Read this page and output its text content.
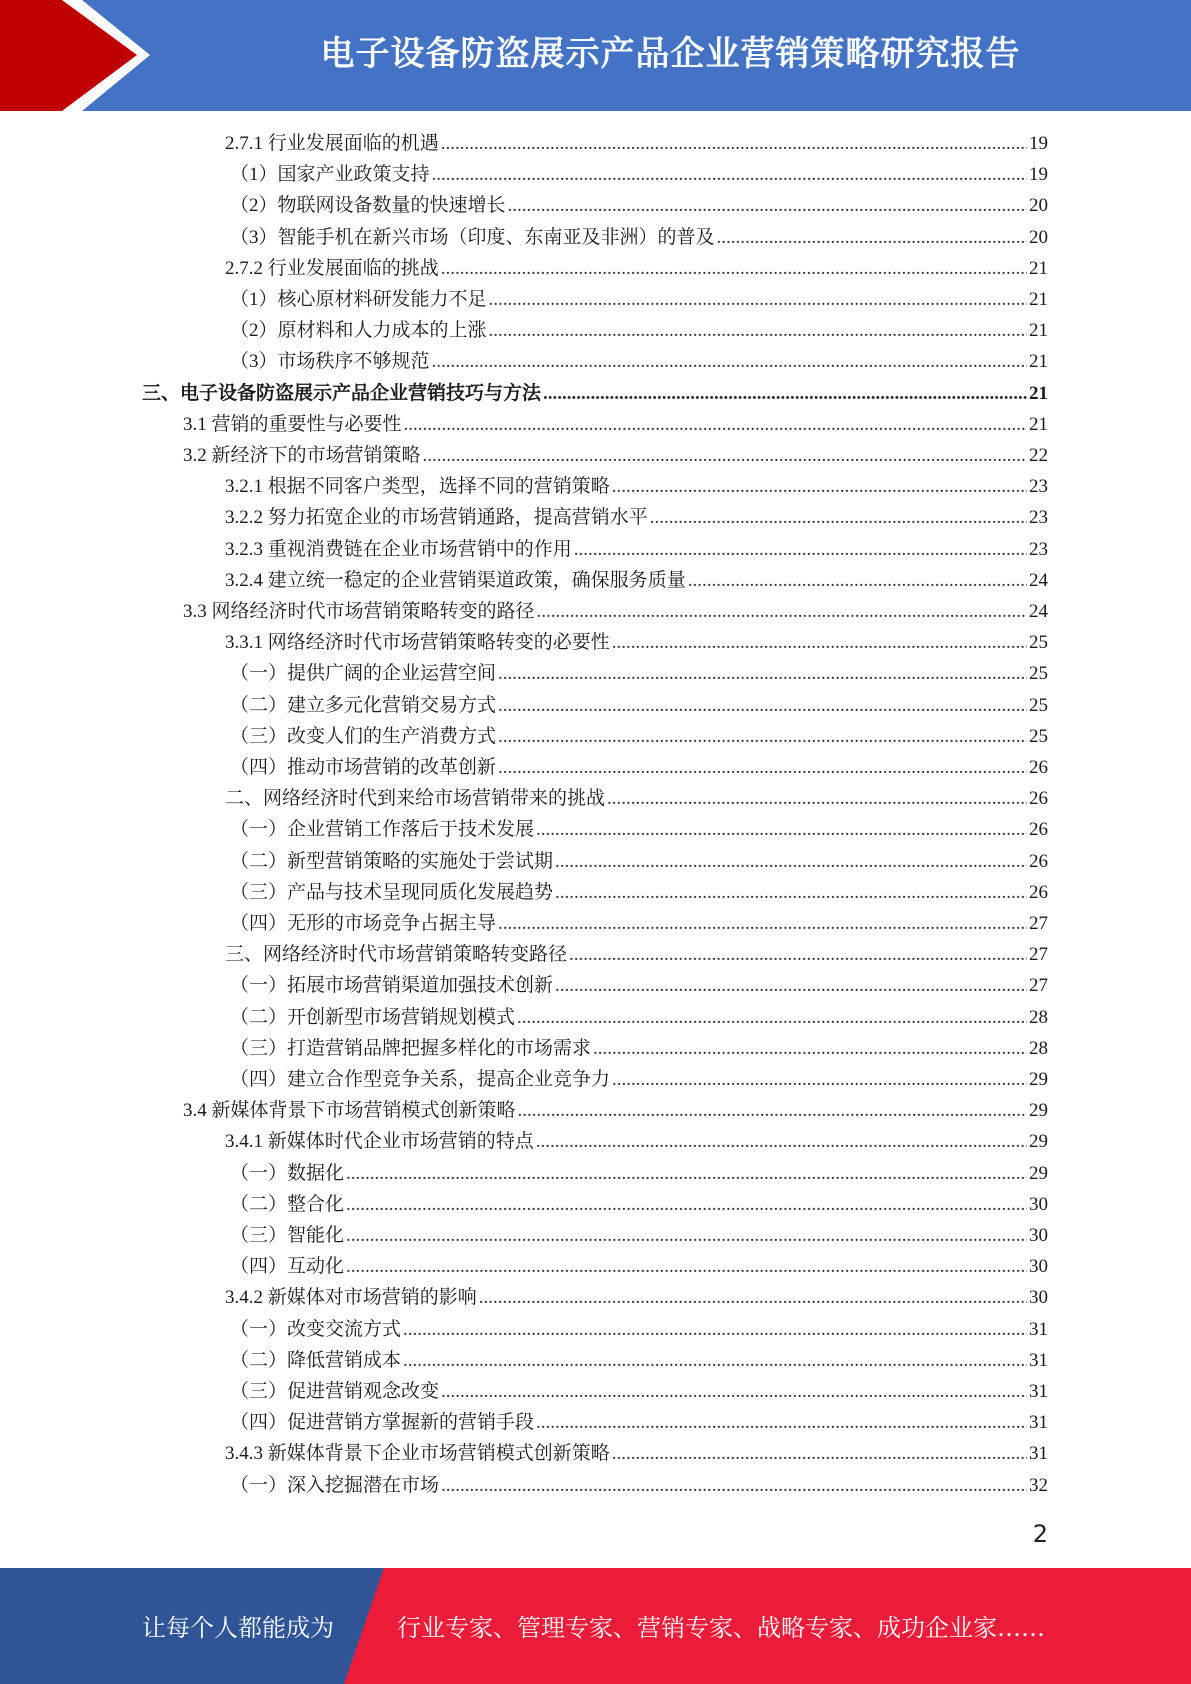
电子设备防盗展示产品企业营销策略研究报告
2.7.1 行业发展面临的机遇 .....	19
（1）国家产业政策支持 .....	19
（2）物联网设备数量的快速增长 .....	20
（3）智能手机在新兴市场（印度、东南亚及非洲）的普及 .....	20
2.7.2 行业发展面临的挑战 .....	21
（1）核心原材料研发能力不足 .....	21
（2）原材料和人力成本的上涨 .....	21
（3）市场秩序不够规范 .....	21
三、电子设备防盗展示产品企业营销技巧与方法 .....	21
3.1 营销的重要性与必要性 .....	21
3.2 新经济下的市场营销策略 .....	22
3.2.1 根据不同客户类型，选择不同的营销策略 .....	23
3.2.2 努力拓宽企业的市场营销通路，提高营销水平 .....	23
3.2.3 重视消费链在企业市场营销中的作用 .....	23
3.2.4 建立统一稳定的企业营销渠道政策，确保服务质量 .....	24
3.3 网络经济时代市场营销策略转变的路径 .....	24
3.3.1 网络经济时代市场营销策略转变的必要性 .....	25
（一）提供广阔的企业运营空间 .....	25
（二）建立多元化营销交易方式 .....	25
（三）改变人们的生产消费方式 .....	25
（四）推动市场营销的改革创新 .....	26
二、网络经济时代到来给市场营销带来的挑战 .....	26
（一）企业营销工作落后于技术发展 .....	26
（二）新型营销策略的实施处于尝试期 .....	26
（三）产品与技术呈现同质化发展趋势 .....	26
（四）无形的市场竞争占据主导 .....	27
三、网络经济时代市场营销策略转变路径 .....	27
（一）拓展市场营销渠道加强技术创新 .....	27
（二）开创新型市场营销规划模式 .....	28
（三）打造营销品牌把握多样化的市场需求 .....	28
（四）建立合作型竞争关系，提高企业竞争力 .....	29
3.4 新媒体背景下市场营销模式创新策略 .....	29
3.4.1 新媒体时代企业市场营销的特点 .....	29
（一）数据化 .....	29
（二）整合化 .....	30
（三）智能化 .....	30
（四）互动化 .....	30
3.4.2 新媒体对市场营销的影响 .....	30
（一）改变交流方式 .....	31
（二）降低营销成本 .....	31
（三）促进营销观念改变 .....	31
（四）促进营销方掌握新的营销手段 .....	31
3.4.3 新媒体背景下企业市场营销模式创新策略 .....	31
（一）深入挖掘潜在市场 .....	32
2
让每个人都能成为	行业专家、管理专家、营销专家、战略专家、成功企业家……
